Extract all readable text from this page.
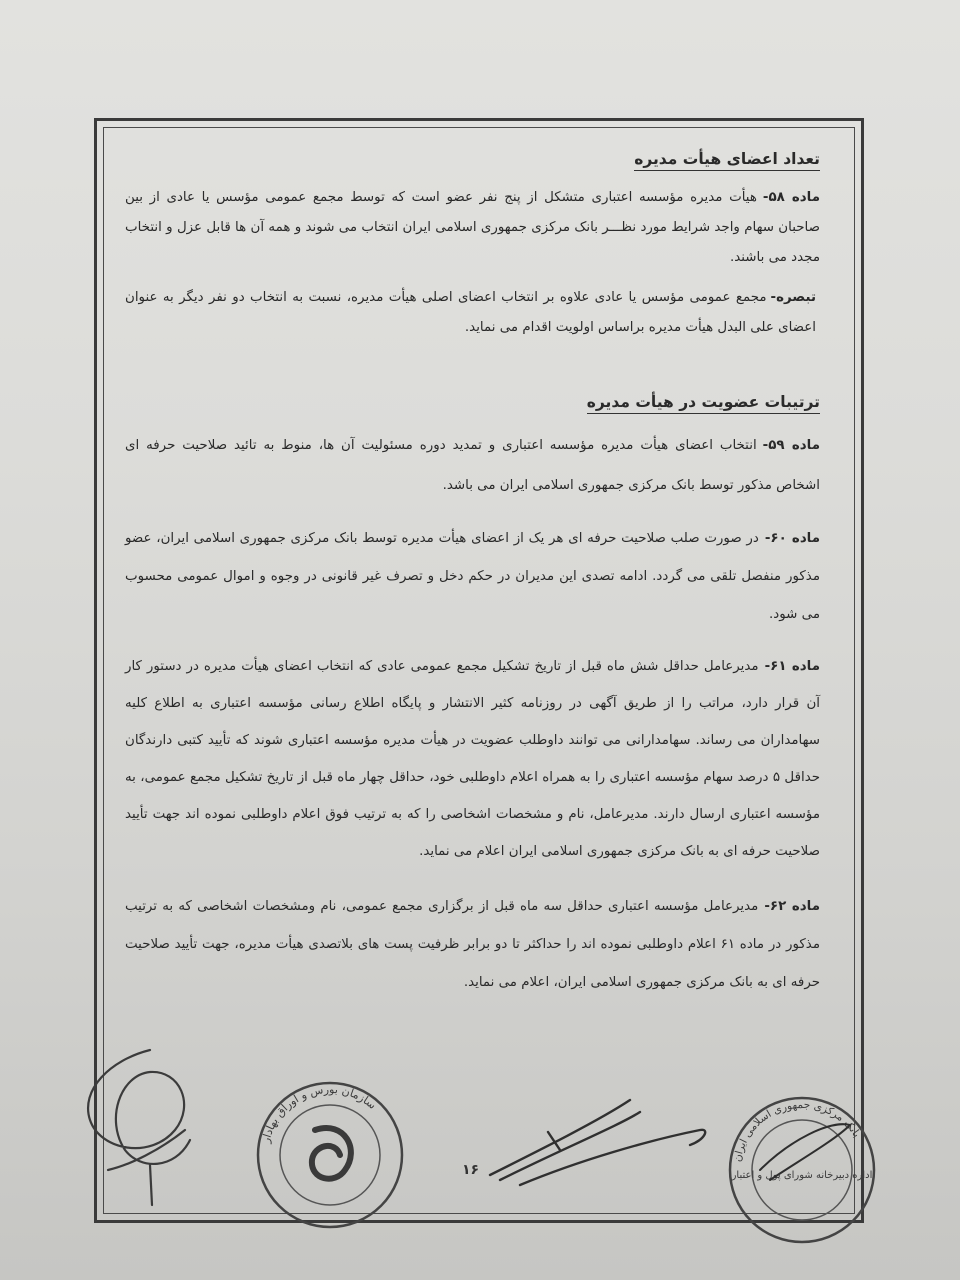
تعداد اعضای هیأت مدیره

ماده ۵۸-هیأت مدیره مؤسسه اعتباری متشکل از پنج نفر عضو است که توسط مجمع عمومی مؤسس یا عادی از بین صاحبان سهام واجد شرایط مورد نظـــر بانک مرکزی جمهوری اسلامی ایران انتخاب می شوند و همه آن ها قابل عزل و انتخاب مجدد می باشند.

تبصره-مجمع عمومی مؤسس یا عادی علاوه بر انتخاب اعضای اصلی هیأت مدیره، نسبت به انتخاب دو نفر دیگر به عنوان اعضای علی البدل هیأت مدیره براساس اولویت اقدام می نماید.

ترتیبات عضویت در هیأت مدیره

ماده ۵۹-انتخاب اعضای هیأت مدیره مؤسسه اعتباری و تمدید دوره مسئولیت آن ها، منوط به تائید صلاحیت حرفه ای اشخاص مذکور توسط بانک مرکزی جمهوری اسلامی ایران می باشد.

ماده ۶۰-در صورت صلب صلاحیت حرفه ای هر یک از اعضای هیأت مدیره توسط بانک مرکزی جمهوری اسلامی ایران، عضو مذکور منفصل تلقی می گردد. ادامه تصدی این مدیران در حکم دخل و تصرف غیر قانونی در وجوه و اموال عمومی محسوب می شود.

ماده ۶۱-مدیرعامل حداقل شش ماه قبل از تاریخ تشکیل مجمع عمومی عادی که انتخاب اعضای هیأت مدیره در دستور کار آن قرار دارد، مراتب را از طریق آگهی در روزنامه کثیر الانتشار و پایگاه اطلاع رسانی مؤسسه اعتباری به اطلاع کلیه سهامداران می رساند. سهامدارانی می توانند داوطلب عضویت در هیأت مدیره مؤسسه اعتباری شوند که تأیید کتبی دارندگان حداقل ۵ درصد سهام مؤسسه اعتباری را به همراه اعلام داوطلبی خود، حداقل چهار ماه قبل از تاریخ تشکیل مجمع عمومی، به مؤسسه اعتباری ارسال دارند. مدیرعامل، نام و مشخصات اشخاصی را که به ترتیب فوق اعلام داوطلبی نموده اند جهت تأیید صلاحیت حرفه ای به بانک مرکزی جمهوری اسلامی ایران اعلام می نماید.

ماده ۶۲-مدیرعامل مؤسسه اعتباری حداقل سه ماه قبل از برگزاری مجمع عمومی، نام ومشخصات اشخاصی که به ترتیب مذکور در ماده ۶۱ اعلام داوطلبی نموده اند را حداکثر تا دو برابر ظرفیت پست های بلاتصدی هیأت مدیره، جهت تأیید صلاحیت حرفه ای به بانک مرکزی جمهوری اسلامی ایران، اعلام می نماید.

۱۶
سازمان بورس و اوراق بهادار
بانک مرکزی جمهوری اسلامی ایران
اداره دبیرخانه شورای پول و اعتبار
